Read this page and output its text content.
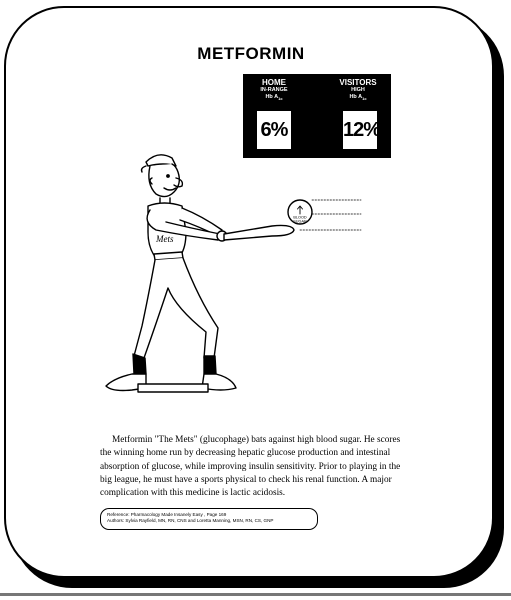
METFORMIN
HOME
IN-RANGE
Hb $A_{1c}$
6%
VISITORS
HIGH
Hb $A_{1c}$
12%
BLOOD
SUGAR
Mets

Metformin "The Mets" (glucophage) bats against high blood sugar. He scores the winning home run by decreasing hepatic glucose production and intestinal absorption of glucose, while improving insulin sensitivity. Prior to playing in the big league, he must have a sports physical to check his renal function. A major complication with this medicine is lactic acidosis.

Reference: Pharmacology Made Insanely Easy , Page 169
Authors: Sylvia Rayfield, MN, RN, CNS and Loretta Manning, MSN, RN, CS, GNP
